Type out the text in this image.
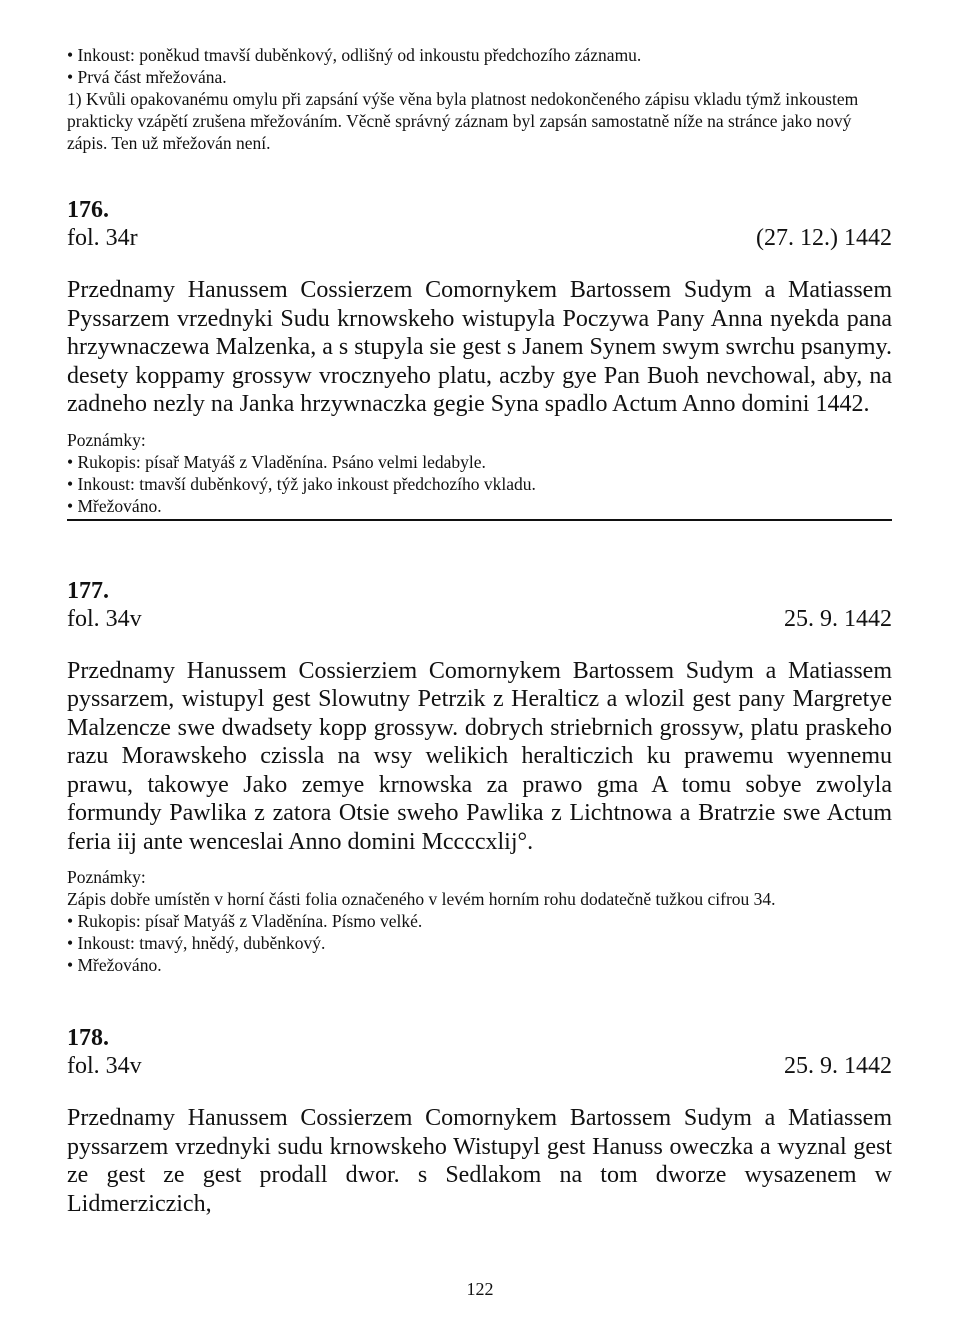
• Inkoust: poněkud tmavší duběnkový, odlišný od inkoustu předchozího záznamu.

• Prvá část mřežována.

1) Kvůli opakovanému omylu při zapsání výše věna byla platnost nedokončeného zápisu vkladu týmž inkoustem prakticky vzápětí zrušena mřežováním. Věcně správný záznam byl zapsán samostatně níže na stránce jako nový zápis. Ten už mřežován není.

176.

fol. 34r	(27. 12.) 1442

Przednamy Hanussem Cossierzem Comornykem Bartossem Sudym a Matiassem Pyssarzem vrzednyki Sudu krnowskeho wistupyla Poczywa Pany Anna nyekda pana hrzywnaczewa Malzenka, a s stupyla sie gest s Janem Synem swym swrchu psanymy. desety koppamy grossyw vrocznyeho platu, aczby gye Pan Buoh nevchowal, aby, na zadneho nezly na Janka hrzywnaczka gegie Syna spadlo Actum Anno domini 1442.

Poznámky:

• Rukopis: písař Matyáš z Vladěnína. Psáno velmi ledabyle.

• Inkoust: tmavší duběnkový, týž jako inkoust předchozího vkladu.

• Mřežováno.

177.

fol. 34v	25. 9. 1442

Przednamy Hanussem Cossierziem Comornykem Bartossem Sudym a Matiassem pyssarzem, wistupyl gest Slowutny Petrzik z Heralticz a wlozil gest pany Margretye Malzencze swe dwadsety kopp grossyw. dobrych striebrnich grossyw, platu praskeho razu Morawskeho czissla na wsy welikich heralticzich ku prawemu wyennemu prawu, takowye Jako zemye krnowska za prawo gma A tomu sobye zwolyla formundy Pawlika z zatora Otsie sweho Pawlika z Lichtnowa a Bratrzie swe Actum feria iij ante wenceslai Anno domini Mccccxlij°.

Poznámky:

Zápis dobře umístěn v horní části folia označeného v levém horním rohu dodatečně tužkou cifrou 34.

• Rukopis: písař Matyáš z Vladěnína. Písmo velké.

• Inkoust: tmavý, hnědý, duběnkový.

• Mřežováno.

178.

fol. 34v	25. 9. 1442

Przednamy Hanussem Cossierzem Comornykem Bartossem Sudym a Matiassem pyssarzem vrzednyki sudu krnowskeho Wistupyl gest Hanuss oweczka a wyznal gest ze gest ze gest prodall dwor. s Sedlakom na tom dworze wysazenem w Lidmerziczich,

122
